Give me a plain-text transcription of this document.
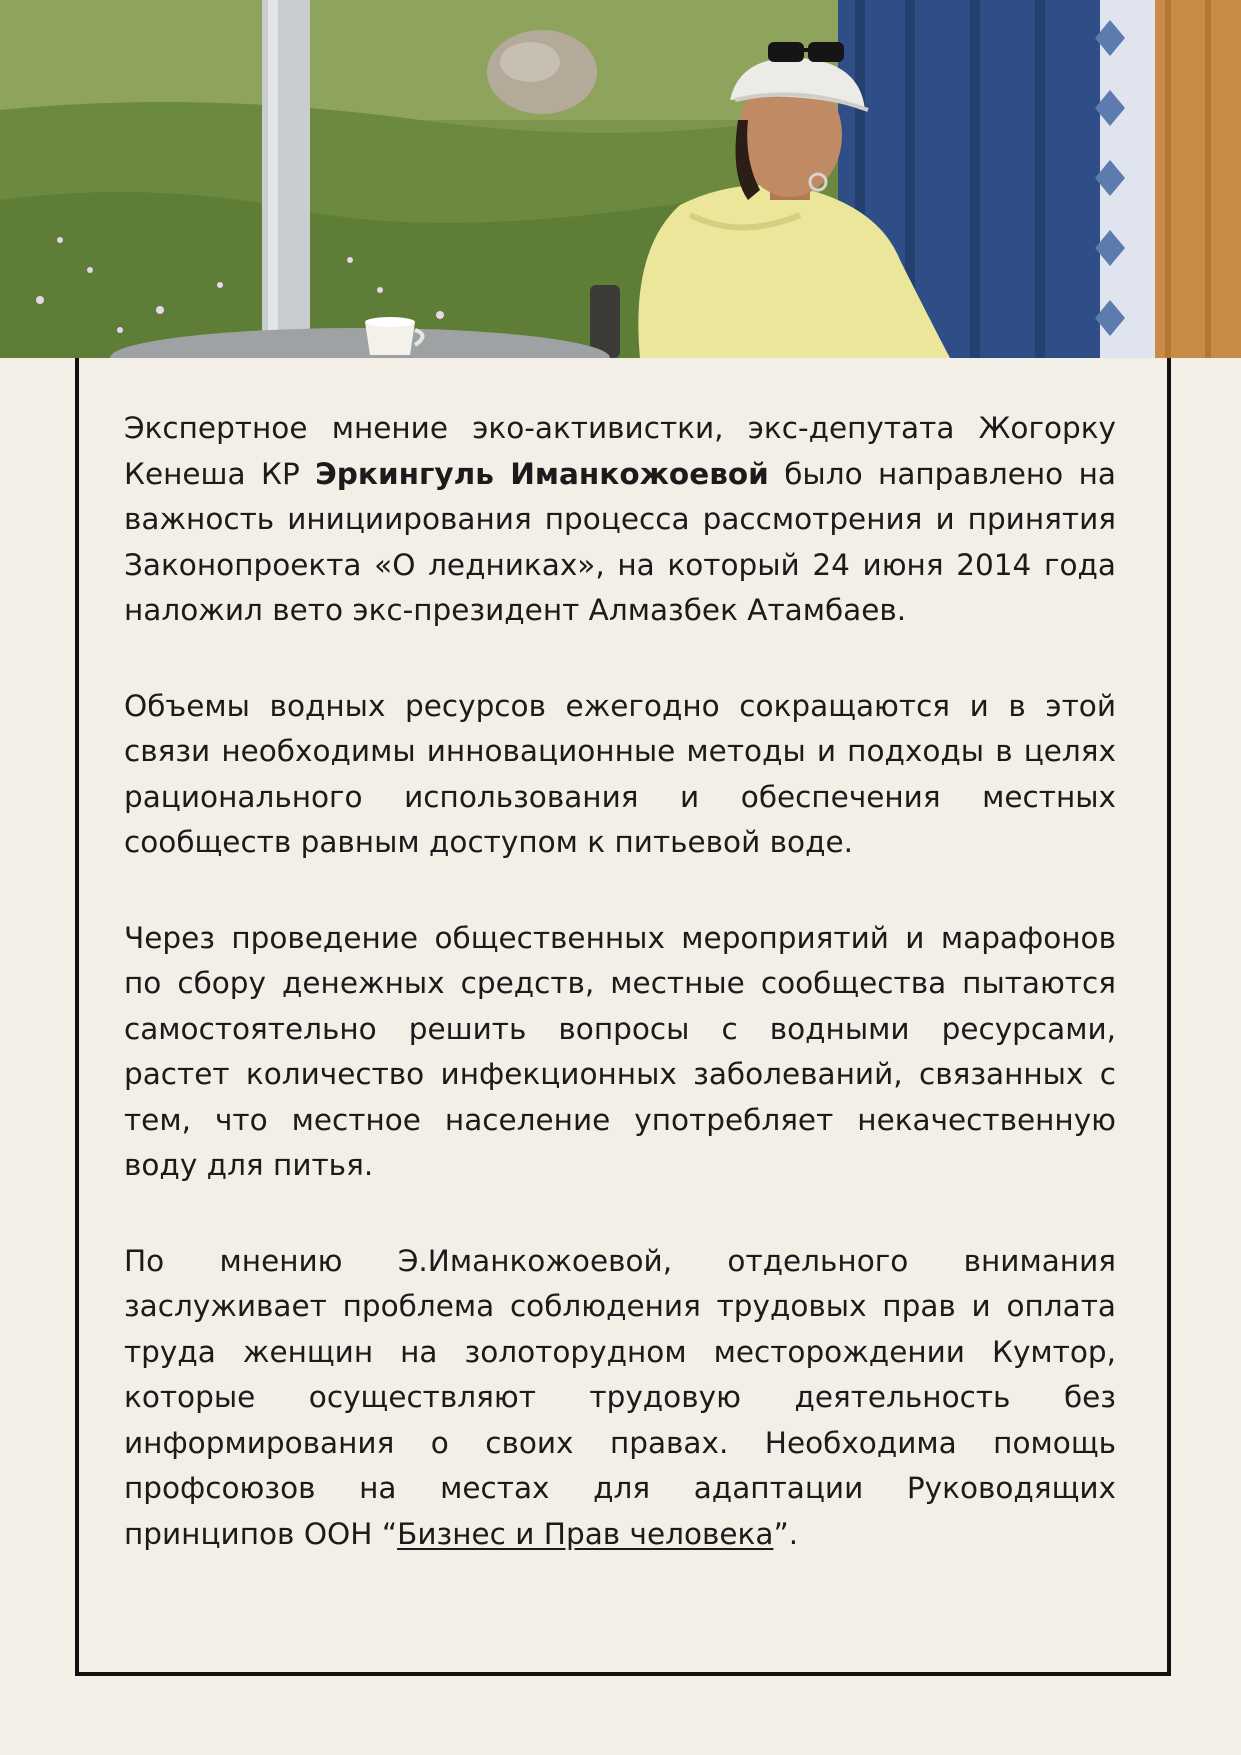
Экспертное мнение эко-активистки, экс-депутата Жогорку Кенеша КР Эркингуль Иманкожоевой было направлено на важность инициирования процесса рассмотрения и принятия Законопроекта «О ледниках», на который 24 июня 2014 года наложил вето экс-президент Алмазбек Атамбаев.

Объемы водных ресурсов ежегодно сокращаются и в этой связи необходимы инновационные методы и подходы в целях рационального использования и обеспечения местных сообществ равным доступом к питьевой воде.

Через проведение общественных мероприятий и марафонов по сбору денежных средств, местные сообщества пытаются самостоятельно решить вопросы с водными ресурсами, растет количество инфекционных заболеваний, связанных с тем, что местное население употребляет некачественную воду для питья.

По мнению Э.Иманкожоевой, отдельного внимания заслуживает проблема соблюдения трудовых прав и оплата труда женщин на золоторудном месторождении Кумтор, которые осуществляют трудовую деятельность без информирования о своих правах. Необходима помощь профсоюзов на местах для адаптации Руководящих принципов ООН “Бизнес и Прав человека”.
